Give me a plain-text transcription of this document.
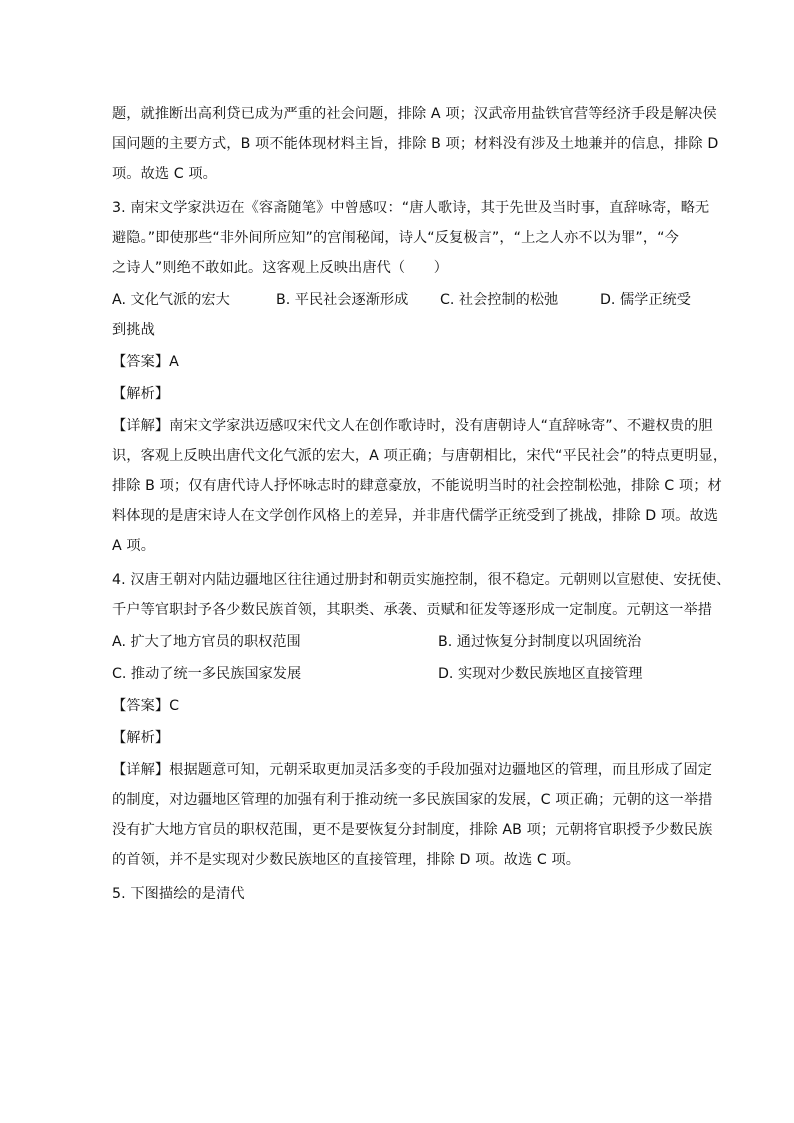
题，就推断出高利贷已成为严重的社会问题，排除 A 项；汉武帝用盐铁官营等经济手段是解决侯
国问题的主要方式，B 项不能体现材料主旨，排除 B 项；材料没有涉及土地兼并的信息，排除 D
项。故选 C 项。
3. 南宋文学家洪迈在《容斋随笔》中曾感叹：“唐人歌诗，其于先世及当时事，直辞咏寄，略无
避隐。”即使那些“非外间所应知”的宫闱秘闻，诗人“反复极言”，“上之人亦不以为罪”，“今
之诗人”则绝不敢如此。这客观上反映出唐代（　　）
A. 文化气派的宏大	B. 平民社会逐渐形成 C. 社会控制的松弛	D. 儒学正统受
到挑战
【答案】A
【解析】
【详解】南宋文学家洪迈感叹宋代文人在创作歌诗时，没有唐朝诗人“直辞咏寄”、不避权贵的胆
识，客观上反映出唐代文化气派的宏大，A 项正确；与唐朝相比，宋代“平民社会”的特点更明显，
排除 B 项；仅有唐代诗人抒怀咏志时的肆意豪放，不能说明当时的社会控制松弛，排除 C 项；材
料体现的是唐宋诗人在文学创作风格上的差异，并非唐代儒学正统受到了挑战，排除 D 项。故选
A 项。
4. 汉唐王朝对内陆边疆地区往往通过册封和朝贡实施控制，很不稳定。元朝则以宣慰使、安抚使、
千户等官职封予各少数民族首领，其职类、承袭、贡赋和征发等逐形成一定制度。元朝这一举措
A. 扩大了地方官员的职权范围	B. 通过恢复分封制度以巩固统治
C. 推动了统一多民族国家发展	D. 实现对少数民族地区直接管理
【答案】C
【解析】
【详解】根据题意可知，元朝采取更加灵活多变的手段加强对边疆地区的管理，而且形成了固定
的制度，对边疆地区管理的加强有利于推动统一多民族国家的发展，C 项正确；元朝的这一举措
没有扩大地方官员的职权范围，更不是要恢复分封制度，排除 AB 项；元朝将官职授予少数民族
的首领，并不是实现对少数民族地区的直接管理，排除 D 项。故选 C 项。
5. 下图描绘的是清代
